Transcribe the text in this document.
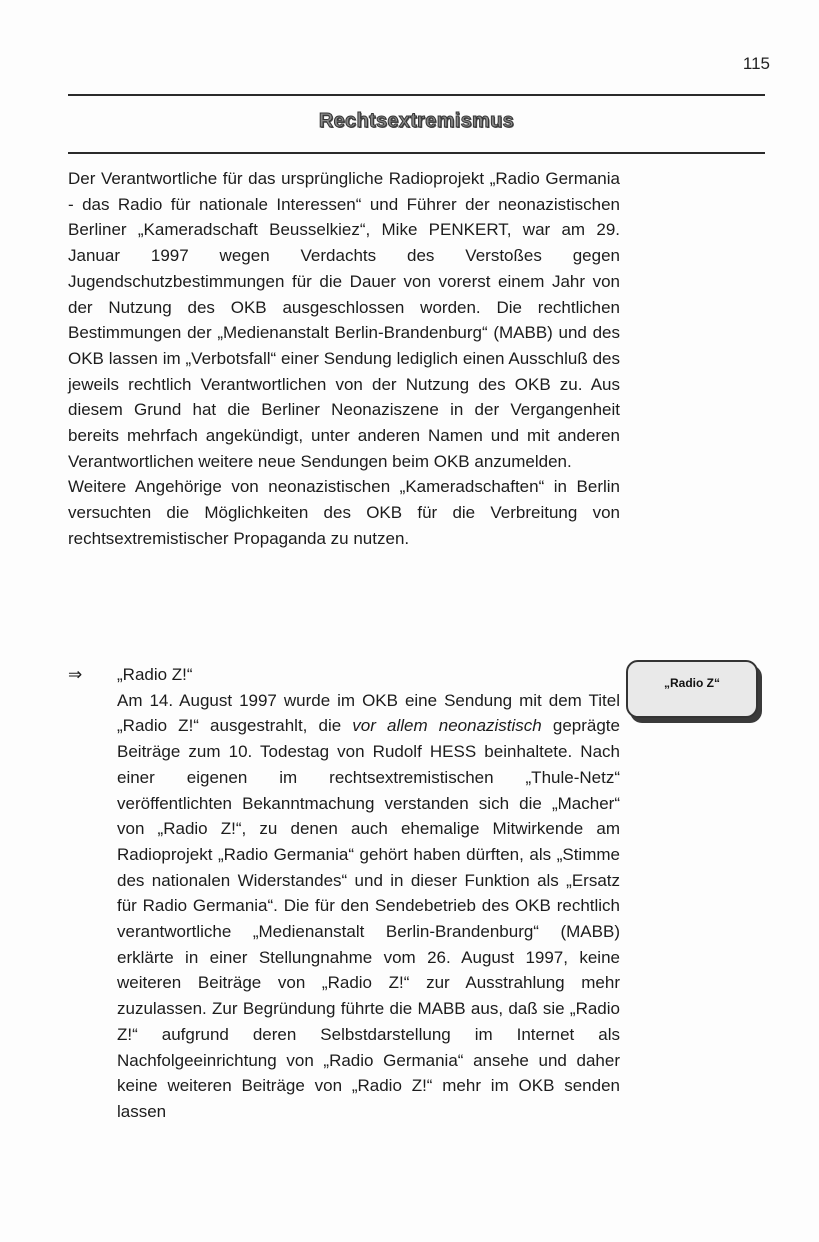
115
Rechtsextremismus

Der Verantwortliche für das ursprüngliche Radioprojekt „Radio Germania - das Radio für nationale Interessen“ und Führer der neonazistischen Berliner „Kameradschaft Beusselkiez“, Mike PENKERT, war am 29. Januar 1997 wegen Verdachts des Verstoßes gegen Jugendschutzbestimmungen für die Dauer von vorerst einem Jahr von der Nutzung des OKB ausgeschlossen worden. Die rechtlichen Bestimmungen der „Medienanstalt Berlin-Brandenburg“ (MABB) und des OKB lassen im „Verbotsfall“ einer Sendung lediglich einen Ausschluß des jeweils rechtlich Verantwortlichen von der Nutzung des OKB zu. Aus diesem Grund hat die Berliner Neonaziszene in der Vergangenheit bereits mehrfach angekündigt, unter anderen Namen und mit anderen Verantwortlichen weitere neue Sendungen beim OKB anzumelden.

Weitere Angehörige von neonazistischen „Kameradschaften“ in Berlin versuchten die Möglichkeiten des OKB für die Verbreitung von rechtsextremistischer Propaganda zu nutzen.

⇒ „Radio Z!“

Am 14. August 1997 wurde im OKB eine Sendung mit dem Titel „Radio Z!“ ausgestrahlt, die vor allem neonazistisch geprägte Beiträge zum 10. Todestag von Rudolf HESS beinhaltete. Nach einer eigenen im rechtsextremistischen „Thule-Netz“ veröffentlichten Bekanntmachung verstanden sich die „Macher“ von „Radio Z!“, zu denen auch ehemalige Mitwirkende am Radioprojekt „Radio Germania“ gehört haben dürften, als „Stimme des nationalen Widerstandes“ und in dieser Funktion als „Ersatz für Radio Germania“. Die für den Sendebetrieb des OKB rechtlich verantwortliche „Medienanstalt Berlin-Brandenburg“ (MABB) erklärte in einer Stellungnahme vom 26. August 1997, keine weiteren Beiträge von „Radio Z!“ zur Ausstrahlung mehr zuzulassen. Zur Begründung führte die MABB aus, daß sie „Radio Z!“ aufgrund deren Selbstdarstellung im Internet als Nachfolgeeinrichtung von „Radio Germania“ ansehe und daher keine weiteren Beiträge von „Radio Z!“ mehr im OKB senden lassen

„Radio Z“
